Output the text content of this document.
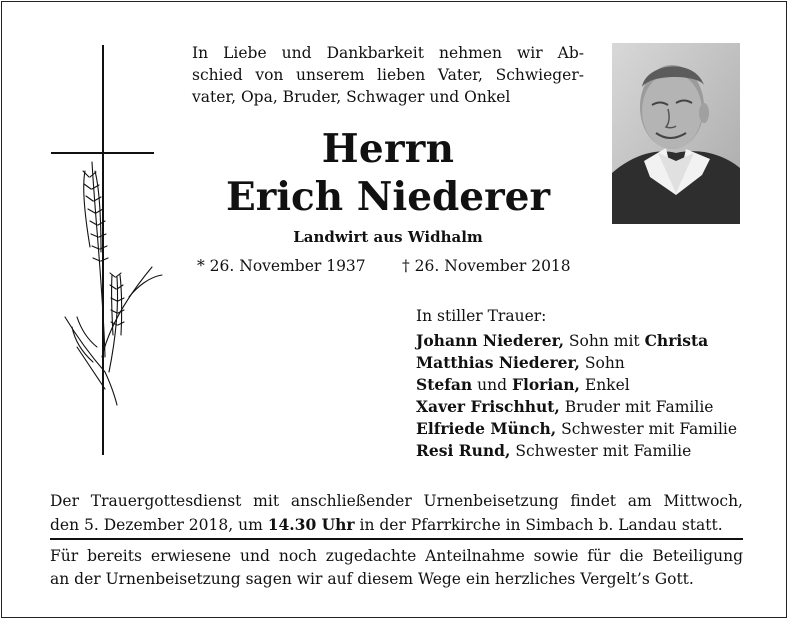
In Liebe und Dankbarkeit nehmen wir Ab-
schied von unserem lieben Vater, Schwieger-
vater, Opa, Bruder, Schwager und Onkel
Herrn
Erich Niederer
Landwirt aus Widhalm
* 26. November 1937 † 26. November 2018
In stiller Trauer:
Johann Niederer, Sohn mit Christa
Matthias Niederer, Sohn
Stefan und Florian, Enkel
Xaver Frischhut, Bruder mit Familie
Elfriede Münch, Schwester mit Familie
Resi Rund, Schwester mit Familie
Der Trauergottesdienst mit anschließender Urnenbeisetzung findet am Mittwoch,
den 5. Dezember 2018, um 14.30 Uhr in der Pfarrkirche in Simbach b. Landau statt.
Für bereits erwiesene und noch zugedachte Anteilnahme sowie für die Beteiligung
an der Urnenbeisetzung sagen wir auf diesem Wege ein herzliches Vergelt’s Gott.
